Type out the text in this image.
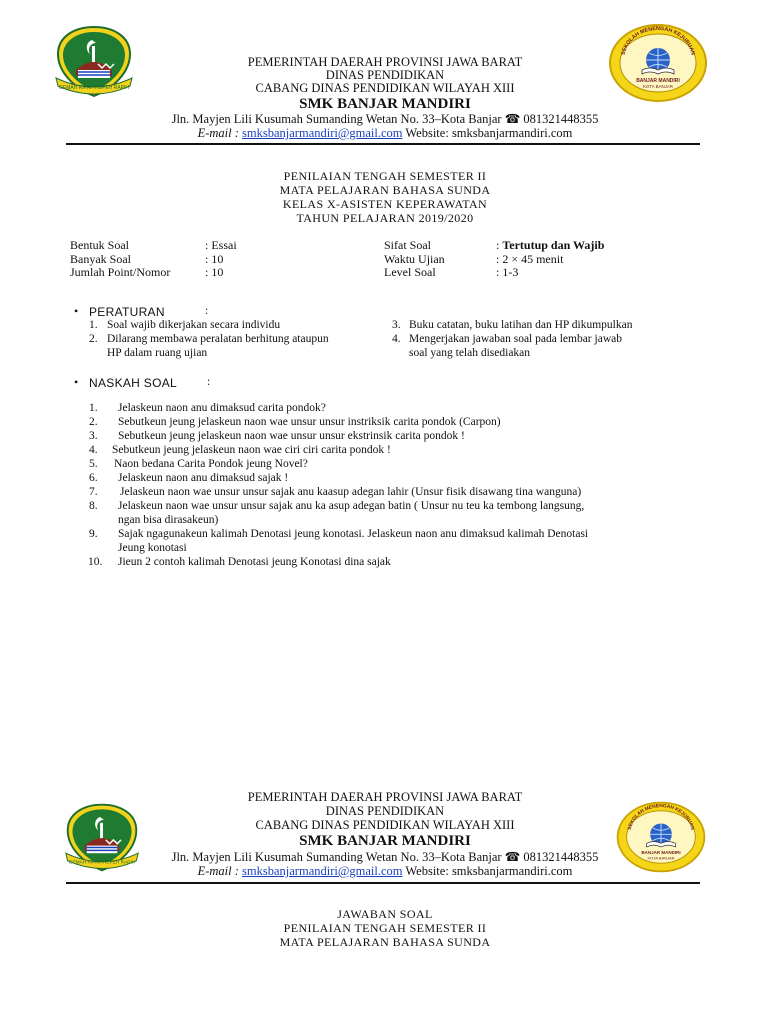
GEMAH RIPAH REPEH RAPIH
SEKOLAH MENENGAH KEJURUAN
BANJAR MANDIRI
KOTA BANJAR
PEMERINTAH DAERAH PROVINSI JAWA BARAT
DINAS PENDIDIKAN
CABANG DINAS PENDIDIKAN WILAYAH XIII
SMK BANJAR MANDIRI
Jln. Mayjen Lili Kusumah Sumanding Wetan No. 33–Kota Banjar ☎ 081321448355
E-mail : smksbanjarmandiri@gmail.com Website: smksbanjarmandiri.com
PENILAIAN TENGAH SEMESTER II
MATA PELAJARAN BAHASA SUNDA
KELAS X-ASISTEN KEPERAWATAN
TAHUN PELAJARAN 2019/2020
Bentuk Soal	: Essai
Banyak Soal	: 10
Jumlah Point/Nomor	: 10
Sifat Soal	: Tertutup dan Wajib
Waktu Ujian	: 2 × 45 menit
Level Soal	: 1-3
• PERATURAN	:
1. Soal wajib dikerjakan secara individu
2. Dilarang membawa peralatan berhitung ataupun
HP dalam ruang ujian
3. Buku catatan, buku latihan dan HP dikumpulkan
4. Mengerjakan jawaban soal pada lembar jawab
soal yang telah disediakan
• NASKAH SOAL	:
1. Jelaskeun naon anu dimaksud carita pondok?
2. Sebutkeun jeung jelaskeun naon wae unsur unsur instriksik carita pondok (Carpon)
3. Sebutkeun jeung jelaskeun naon wae unsur unsur ekstrinsik carita pondok !
4. Sebutkeun jeung jelaskeun naon wae ciri ciri carita pondok !
5. Naon bedana Carita Pondok jeung Novel?
6. Jelaskeun naon anu dimaksud sajak !
7. Jelaskeun naon wae unsur unsur sajak anu kaasup adegan lahir (Unsur fisik disawang tina wanguna)
8. Jelaskeun naon wae unsur unsur sajak anu ka asup adegan batin ( Unsur nu teu ka tembong langsung,
ngan bisa dirasakeun)
9. Sajak ngagunakeun kalimah Denotasi jeung konotasi. Jelaskeun naon anu dimaksud kalimah Denotasi
Jeung konotasi
10. Jieun 2 contoh kalimah Denotasi jeung Konotasi dina sajak
GEMAH RIPAH REPEH RAPIH
SEKOLAH MENENGAH KEJURUAN
BANJAR MANDIRI
KOTA BANJAR
PEMERINTAH DAERAH PROVINSI JAWA BARAT
DINAS PENDIDIKAN
CABANG DINAS PENDIDIKAN WILAYAH XIII
SMK BANJAR MANDIRI
Jln. Mayjen Lili Kusumah Sumanding Wetan No. 33–Kota Banjar ☎ 081321448355
E-mail : smksbanjarmandiri@gmail.com Website: smksbanjarmandiri.com
JAWABAN SOAL
PENILAIAN TENGAH SEMESTER II
MATA PELAJARAN BAHASA SUNDA
